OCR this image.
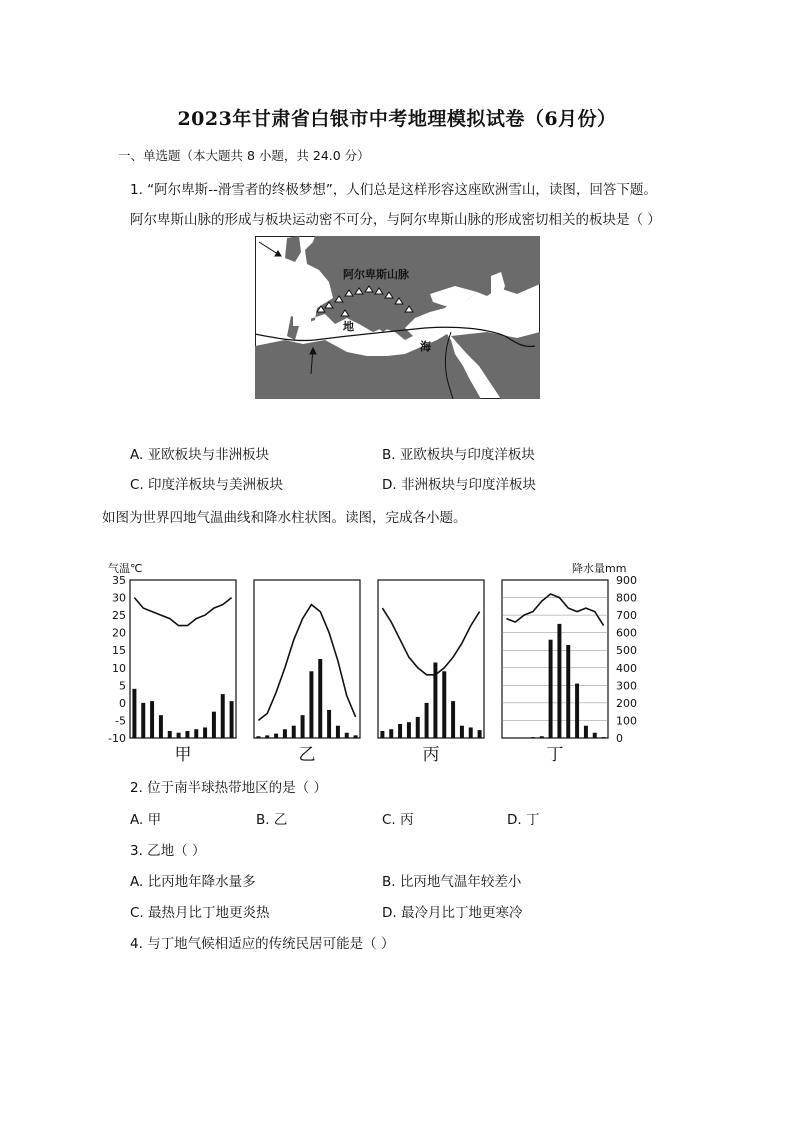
2023年甘肃省白银市中考地理模拟试卷（6月份）
一、单选题（本大题共 8 小题，共 24.0 分）
1. “阿尔卑斯--滑雪者的终极梦想”，人们总是这样形容这座欧洲雪山，读图，回答下题。
阿尔卑斯山脉的形成与板块运动密不可分，与阿尔卑斯山脉的形成密切相关的板块是（ ）
阿尔卑斯山脉
地
中	海
A. 亚欧板块与非洲板块	B. 亚欧板块与印度洋板块
C. 印度洋板块与美洲板块	D. 非洲板块与印度洋板块
如图为世界四地气温曲线和降水柱状图。读图，完成各小题。
气温℃	降水量mm
35
30
25
20
15
10
5
0
-5
-10
900
800
700
600
500
400
300
200
100
0
甲	乙	丙	丁
2. 位于南半球热带地区的是（ ）
A. 甲	B. 乙	C. 丙	D. 丁
3. 乙地（ ）
A. 比丙地年降水量多	B. 比丙地气温年较差小
C. 最热月比丁地更炎热	D. 最冷月比丁地更寒冷
4. 与丁地气候相适应的传统民居可能是（ ）
